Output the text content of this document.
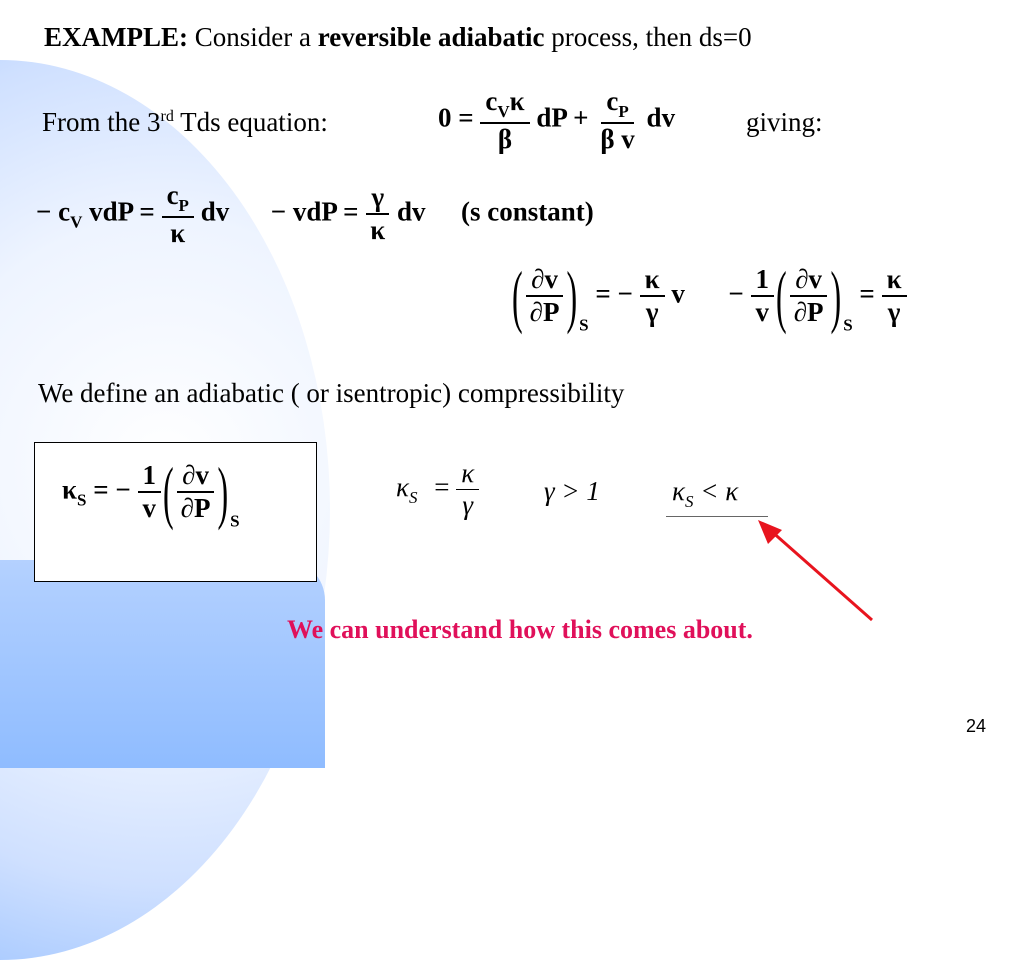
EXAMPLE: Consider a reversible adiabatic process, then ds=0
From the 3rd Tds equation:	$0 = \frac{c_V\kappa}{\beta}$ dP + $\frac{c_P}{\text{β v}}$ dv	giving:
− $c_V$ vdP = $\frac{c_P}{\kappa}$ dv − vdP = $\frac{\gamma}{\kappa}$ dv (s constant)
( $\frac{\partial v}{\partial P}$ ) $_S$ = − $\frac{\kappa}{\gamma}$ $v - \frac{1}{v}$ ( $\frac{\partial v}{\partial P}$ ) $_S = \frac{\kappa}{\gamma}$
We define an adiabatic ( or isentropic) compressibility
$\kappa_S$ = − $\frac{1}{v}$ ( $\frac{\partial v}{\partial P}$ ) $_S$
$\kappa_S = \frac{\kappa}{\gamma}$ γ > 1	$\kappa_S < \kappa$
We can understand how this comes about.
24
